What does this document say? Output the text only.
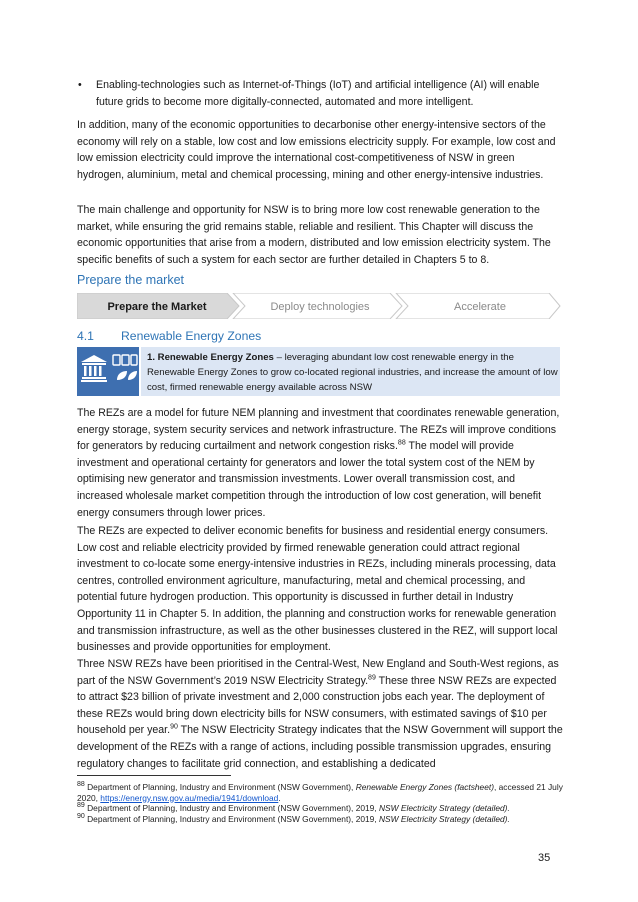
• Enabling-technologies such as Internet-of-Things (IoT) and artificial intelligence (AI) will enable future grids to become more digitally-connected, automated and more intelligent.
In addition, many of the economic opportunities to decarbonise other energy-intensive sectors of the economy will rely on a stable, low cost and low emissions electricity supply. For example, low cost and low emission electricity could improve the international cost-competitiveness of NSW in green hydrogen, aluminium, metal and chemical processing, mining and other energy-intensive industries.
The main challenge and opportunity for NSW is to bring more low cost renewable generation to the market, while ensuring the grid remains stable, reliable and resilient. This Chapter will discuss the economic opportunities that arise from a modern, distributed and low emission electricity system. The specific benefits of such a system for each sector are further detailed in Chapters 5 to 8.
Prepare the market
Prepare the Market	Deploy technologies	Accelerate
4.1 Renewable Energy Zones
1. Renewable Energy Zones – leveraging abundant low cost renewable energy in the Renewable Energy Zones to grow co-located regional industries, and increase the amount of low cost, firmed renewable energy available across NSW
The REZs are a model for future NEM planning and investment that coordinates renewable generation, energy storage, system security services and network infrastructure. The REZs will improve conditions for generators by reducing curtailment and network congestion risks.$^{88}$ The model will provide investment and operational certainty for generators and lower the total system cost of the NEM by optimising new generator and transmission investments. Lower overall transmission cost, and increased wholesale market competition through the introduction of low cost generation, will benefit energy consumers through lower prices.
The REZs are expected to deliver economic benefits for business and residential energy consumers. Low cost and reliable electricity provided by firmed renewable generation could attract regional investment to co-locate some energy-intensive industries in REZs, including minerals processing, data centres, controlled environment agriculture, manufacturing, metal and chemical processing, and potential future hydrogen production. This opportunity is discussed in further detail in Industry Opportunity 11 in Chapter 5. In addition, the planning and construction works for renewable generation and transmission infrastructure, as well as the other businesses clustered in the REZ, will support local businesses and provide opportunities for employment.
Three NSW REZs have been prioritised in the Central-West, New England and South-West regions, as part of the NSW Government’s 2019 NSW Electricity Strategy.$^{89}$ These three NSW REZs are expected to attract $23 billion of private investment and 2,000 construction jobs each year. The deployment of these REZs would bring down electricity bills for NSW consumers, with estimated savings of $10 per household per year.$^{90}$ The NSW Electricity Strategy indicates that the NSW Government will support the development of the REZs with a range of actions, including possible transmission upgrades, ensuring regulatory changes to facilitate grid connection, and establishing a dedicated
$^{88}$ Department of Planning, Industry and Environment (NSW Government), Renewable Energy Zones (factsheet), accessed 21 July 2020, https://energy.nsw.gov.au/media/1941/download.
$^{89}$ Department of Planning, Industry and Environment (NSW Government), 2019, NSW Electricity Strategy (detailed).
$^{90}$ Department of Planning, Industry and Environment (NSW Government), 2019, NSW Electricity Strategy (detailed).
35
